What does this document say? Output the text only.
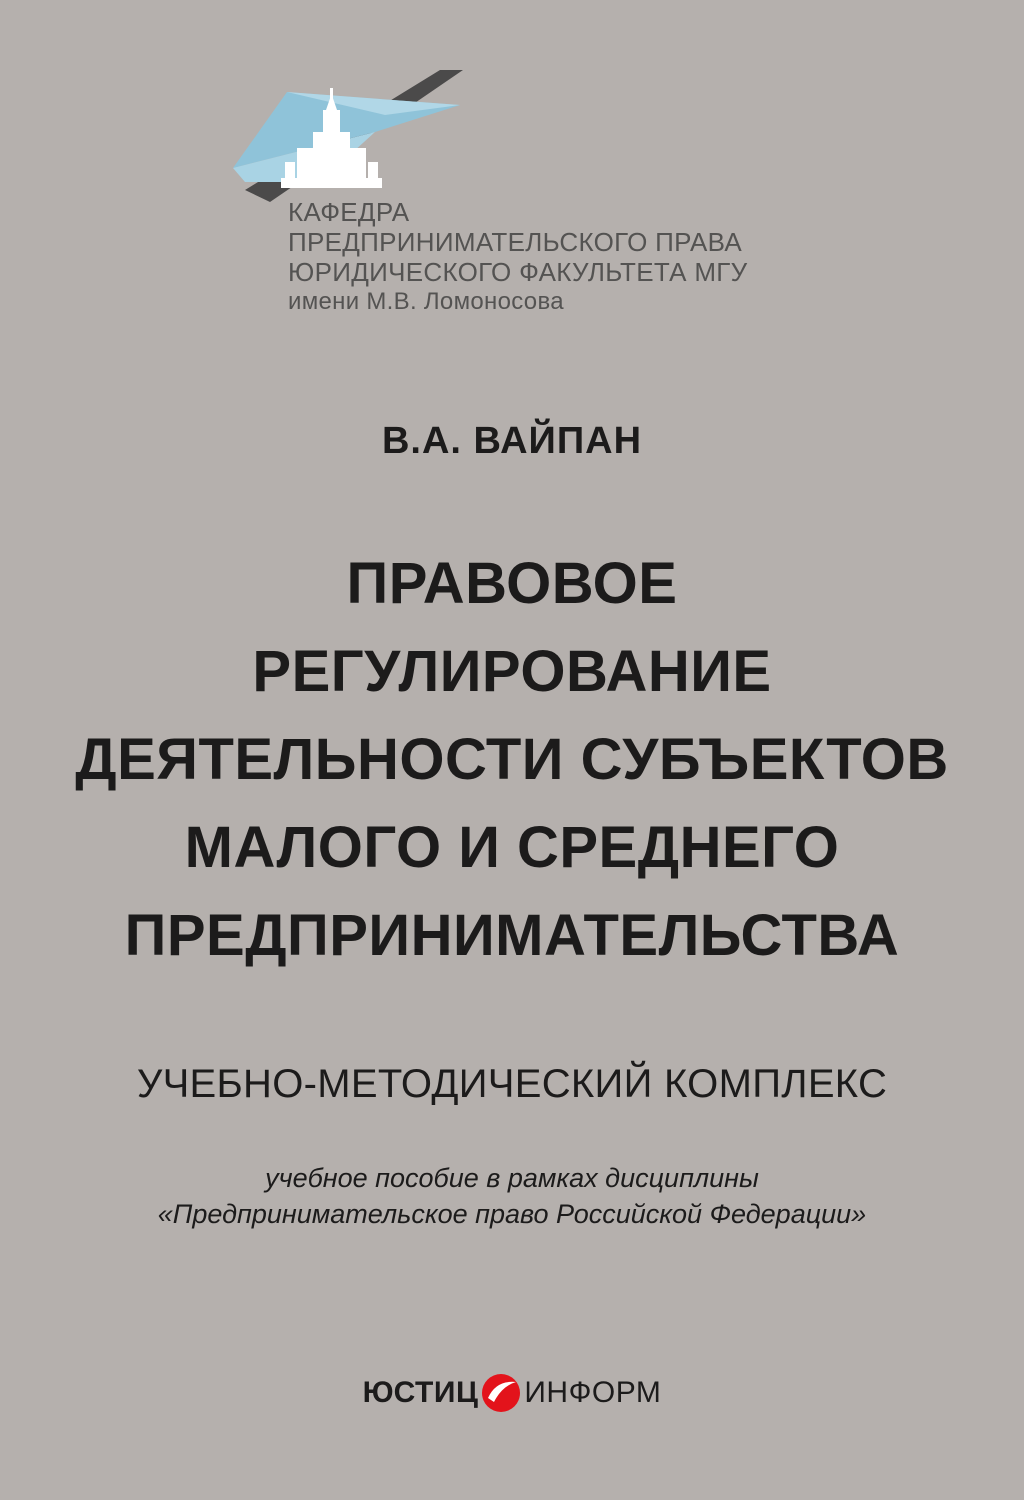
КАФЕДРА
ПРЕДПРИНИМАТЕЛЬСКОГО ПРАВА
ЮРИДИЧЕСКОГО ФАКУЛЬТЕТА МГУ
имени М.В. Ломоносова
В.А. ВАЙПАН
ПРАВОВОЕ
РЕГУЛИРОВАНИЕ
ДЕЯТЕЛЬНОСТИ СУБЪЕКТОВ
МАЛОГО И СРЕДНЕГО
ПРЕДПРИНИМАТЕЛЬСТВА
УЧЕБНО-МЕТОДИЧЕСКИЙ КОМПЛЕКС
учебное пособие в рамках дисциплины
«Предпринимательское право Российской Федерации»
ЮСТИЦ ИНФОРМ
